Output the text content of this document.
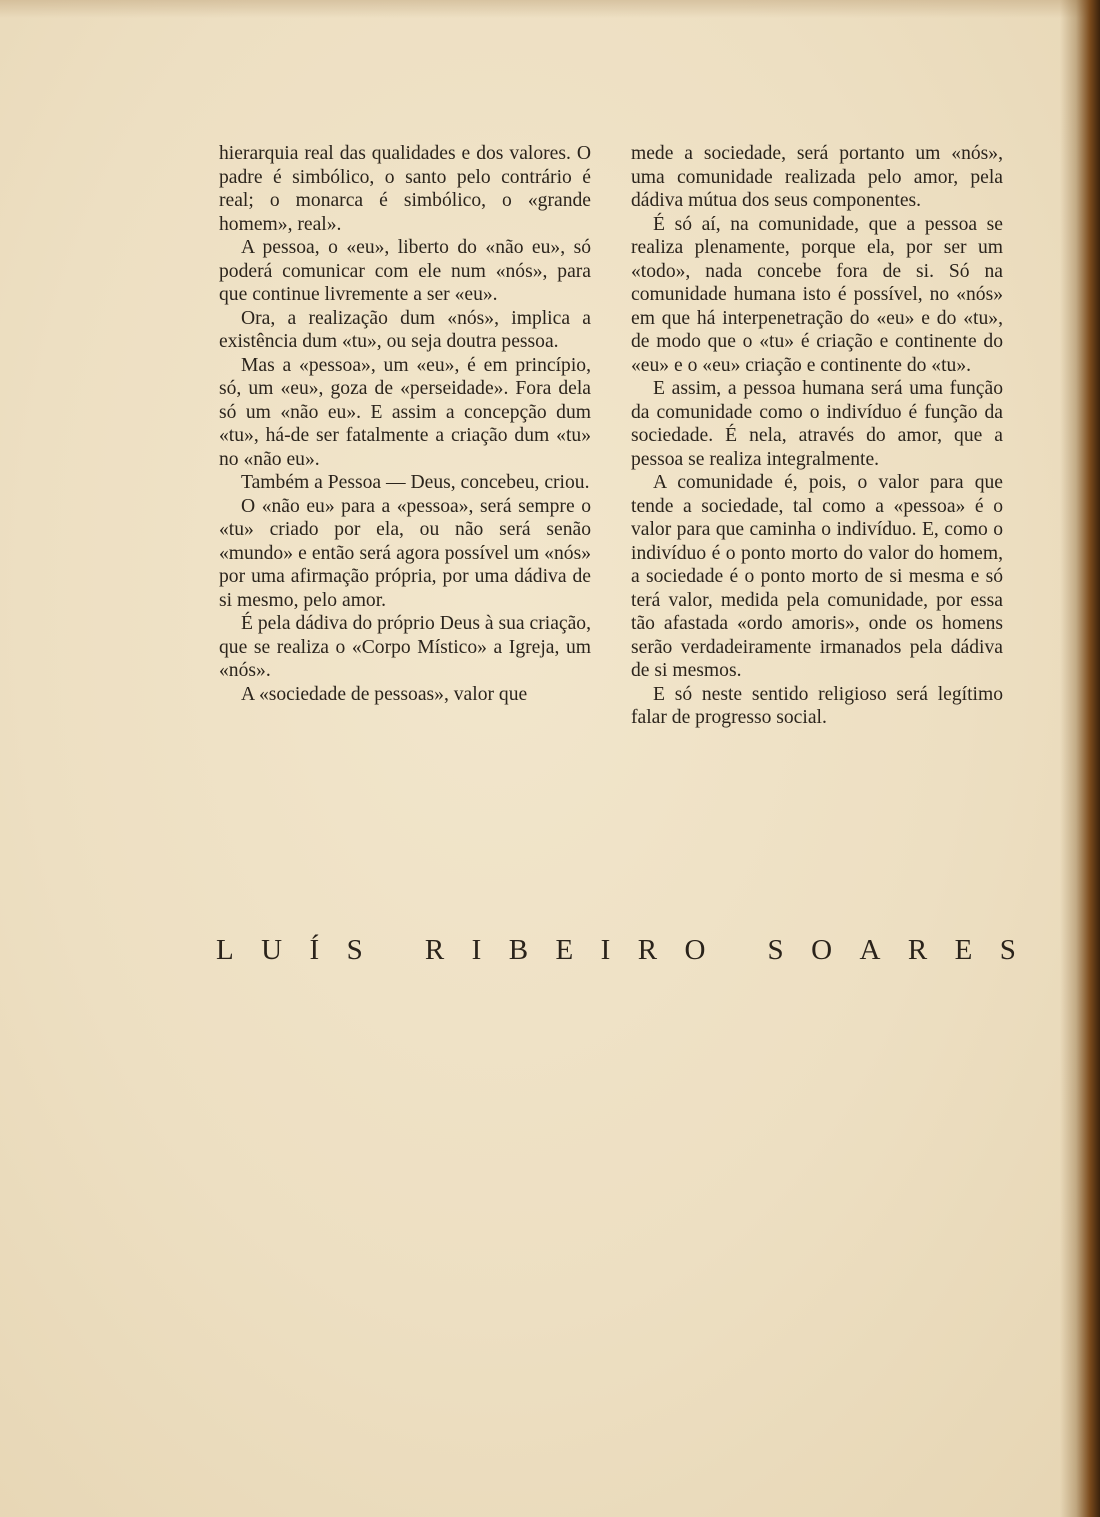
hierarquia real das qualidades e dos valores. O padre é simbólico, o santo pelo contrário é real; o monarca é simbólico, o «grande homem», real».

A pessoa, o «eu», liberto do «não eu», só poderá comunicar com ele num «nós», para que continue livremente a ser «eu».

Ora, a realização dum «nós», implica a existência dum «tu», ou seja doutra pessoa.

Mas a «pessoa», um «eu», é em princípio, só, um «eu», goza de «perseidade». Fora dela só um «não eu». E assim a concepção dum «tu», há-de ser fatalmente a criação dum «tu» no «não eu».

Também a Pessoa — Deus, concebeu, criou.

O «não eu» para a «pessoa», será sempre o «tu» criado por ela, ou não será senão «mundo» e então será agora possível um «nós» por uma afirmação própria, por uma dádiva de si mesmo, pelo amor.

É pela dádiva do próprio Deus à sua criação, que se realiza o «Corpo Místico» a Igreja, um «nós».

A «sociedade de pessoas», valor que

mede a sociedade, será portanto um «nós», uma comunidade realizada pelo amor, pela dádiva mútua dos seus componentes.

É só aí, na comunidade, que a pessoa se realiza plenamente, porque ela, por ser um «todo», nada concebe fora de si. Só na comunidade humana isto é possível, no «nós» em que há interpenetração do «eu» e do «tu», de modo que o «tu» é criação e continente do «eu» e o «eu» criação e continente do «tu».

E assim, a pessoa humana será uma função da comunidade como o indivíduo é função da sociedade. É nela, através do amor, que a pessoa se realiza integralmente.

A comunidade é, pois, o valor para que tende a sociedade, tal como a «pessoa» é o valor para que caminha o indivíduo. E, como o indivíduo é o ponto morto do valor do homem, a sociedade é o ponto morto de si mesma e só terá valor, medida pela comunidade, por essa tão afastada «ordo amoris», onde os homens serão verdadeiramente irmanados pela dádiva de si mesmos.

E só neste sentido religioso será legítimo falar de progresso social.

L U Í S
R I B E I R O
S O A R E S
